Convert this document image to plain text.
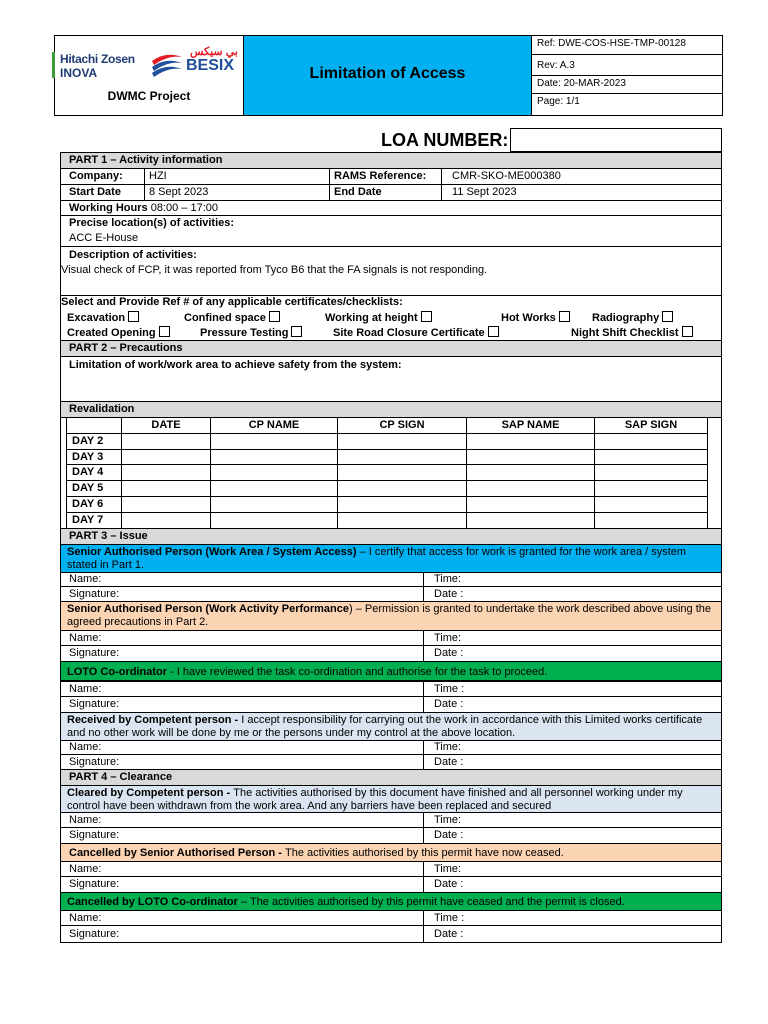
Hitachi Zosen
INOVA
بي سيكس
BESIX
DWMC Project
Limitation of Access
Ref: DWE-COS-HSE-TMP-00128
Rev: A.3
Date: 20-MAR-2023
Page: 1/1
LOA NUMBER:
PART 1 – Activity information
Company:	HZI	RAMS Reference:	CMR-SKO-ME000380
Start Date	8 Sept 2023	End Date	11 Sept 2023
Working Hours 08:00 – 17:00
Precise location(s) of activities:
ACC E-House
Description of activities:
Visual check of FCP, it was reported from Tyco B6 that the FA signals is not responding.
Select and Provide Ref # of any applicable certificates/checklists:
Excavation	Confined space	Working at height	Hot Works	Radiography
Created Opening	Pressure Testing	Site Road Closure Certificate	Night Shift Checklist
PART 2 – Precautions
Limitation of work/work area to achieve safety from the system:
Revalidation
DATE	CP NAME	CP SIGN	SAP NAME	SAP SIGN
DAY 2
DAY 3
DAY 4
DAY 5
DAY 6
DAY 7
PART 3 – Issue
Senior Authorised Person (Work Area / System Access) – I certify that access for work is granted for the work area / system stated in Part 1.
Name:	Time:
Signature:	Date :
Senior Authorised Person (Work Activity Performance) – Permission is granted to undertake the work described above using the agreed precautions in Part 2.
Name:	Time:
Signature:	Date :
LOTO Co-ordinator - I have reviewed the task co-ordination and authorise for the task to proceed.
Name:	Time :
Signature:	Date :
Received by Competent person - I accept responsibility for carrying out the work in accordance with this Limited works certificate and no other work will be done by me or the persons under my control at the above location.
Name:	Time:
Signature:	Date :
PART 4 – Clearance
Cleared by Competent person - The activities authorised by this document have finished and all personnel working under my control have been withdrawn from the work area. And any barriers have been replaced and secured
Name:	Time:
Signature:	Date :
Cancelled by Senior Authorised Person - The activities authorised by this permit have now ceased.
Name:	Time:
Signature:	Date :
Cancelled by LOTO Co-ordinator – The activities authorised by this permit have ceased and the permit is closed.
Name:	Time :
Signature:	Date :
